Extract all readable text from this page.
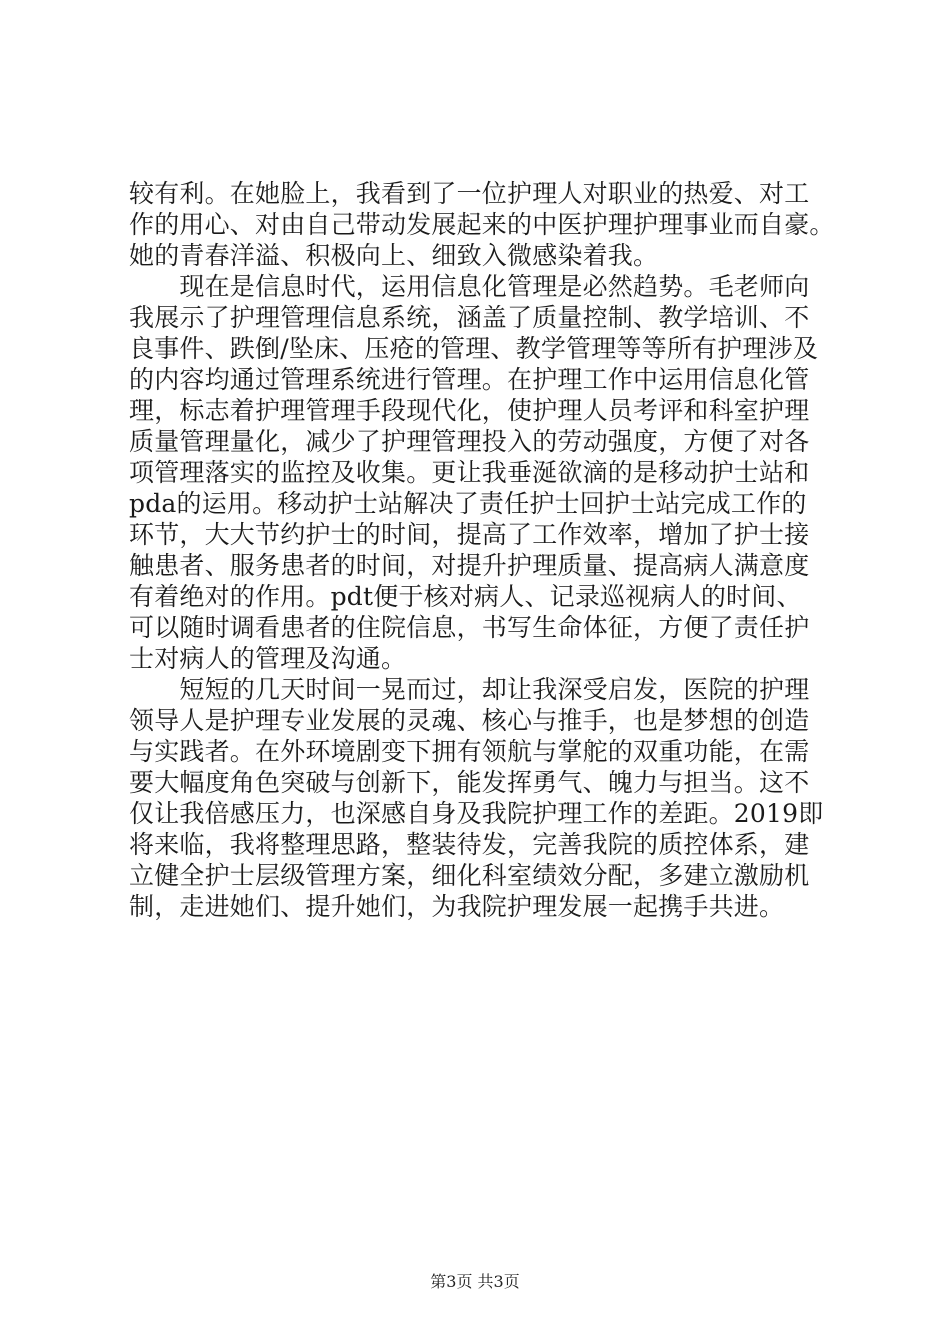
较有利。在她脸上，我看到了一位护理人对职业的热爱、对工
作的用心、对由自己带动发展起来的中医护理护理事业而自豪。
她的青春洋溢、积极向上、细致入微感染着我。
　　现在是信息时代，运用信息化管理是必然趋势。毛老师向
我展示了护理管理信息系统，涵盖了质量控制、教学培训、不
良事件、跌倒/坠床、压疮的管理、教学管理等等所有护理涉及
的内容均通过管理系统进行管理。在护理工作中运用信息化管
理，标志着护理管理手段现代化，使护理人员考评和科室护理
质量管理量化，减少了护理管理投入的劳动强度，方便了对各
项管理落实的监控及收集。更让我垂涎欲滴的是移动护士站和
pda的运用。移动护士站解决了责任护士回护士站完成工作的
环节，大大节约护士的时间，提高了工作效率，增加了护士接
触患者、服务患者的时间，对提升护理质量、提高病人满意度
有着绝对的作用。pdt便于核对病人、记录巡视病人的时间、
可以随时调看患者的住院信息，书写生命体征，方便了责任护
士对病人的管理及沟通。
　　短短的几天时间一晃而过，却让我深受启发，医院的护理
领导人是护理专业发展的灵魂、核心与推手，也是梦想的创造
与实践者。在外环境剧变下拥有领航与掌舵的双重功能，在需
要大幅度角色突破与创新下，能发挥勇气、魄力与担当。这不
仅让我倍感压力，也深感自身及我院护理工作的差距。2019即
将来临，我将整理思路，整装待发，完善我院的质控体系，建
立健全护士层级管理方案，细化科室绩效分配，多建立激励机
制，走进她们、提升她们，为我院护理发展一起携手共进。
第3页 共3页
